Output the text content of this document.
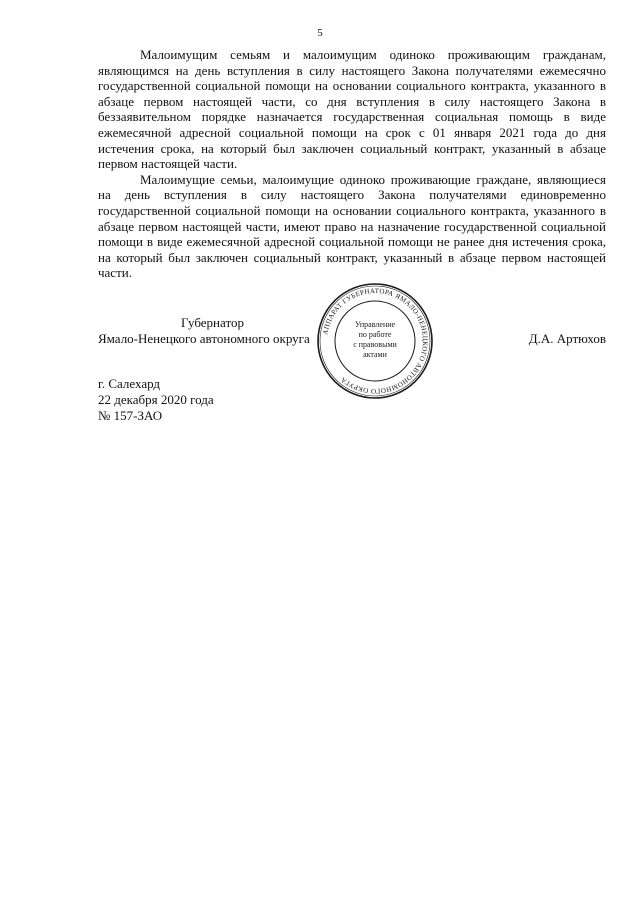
5

Малоимущим семьям и малоимущим одиноко проживающим гражданам, являющимся на день вступления в силу настоящего Закона получателями ежемесячно государственной социальной помощи на основании социального контракта, указанного в абзаце первом настоящей части, со дня вступления в силу настоящего Закона в беззаявительном порядке назначается государственная социальная помощь в виде ежемесячной адресной социальной помощи на срок с 01 января 2021 года до дня истечения срока, на который был заключен социальный контракт, указанный в абзаце первом настоящей части.

Малоимущие семьи, малоимущие одиноко проживающие граждане, являющиеся на день вступления в силу настоящего Закона получателями единовременно государственной социальной помощи на основании социального контракта, указанного в абзаце первом настоящей части, имеют право на назначение государственной социальной помощи в виде ежемесячной адресной социальной помощи не ранее дня истечения срока, на который был заключен социальный контракт, указанный в абзаце первом настоящей части.

Губернатор
Ямало-Ненецкого автономного округа	Д.А. Артюхов
АППАРАТ ГУБЕРНАТОРА ЯМАЛО-НЕНЕЦКОГО АВТОНОМНОГО ОКРУГА
Управление
по работе
с правовыми
актами
г. Салехард
22 декабря 2020 года
№ 157-ЗАО
